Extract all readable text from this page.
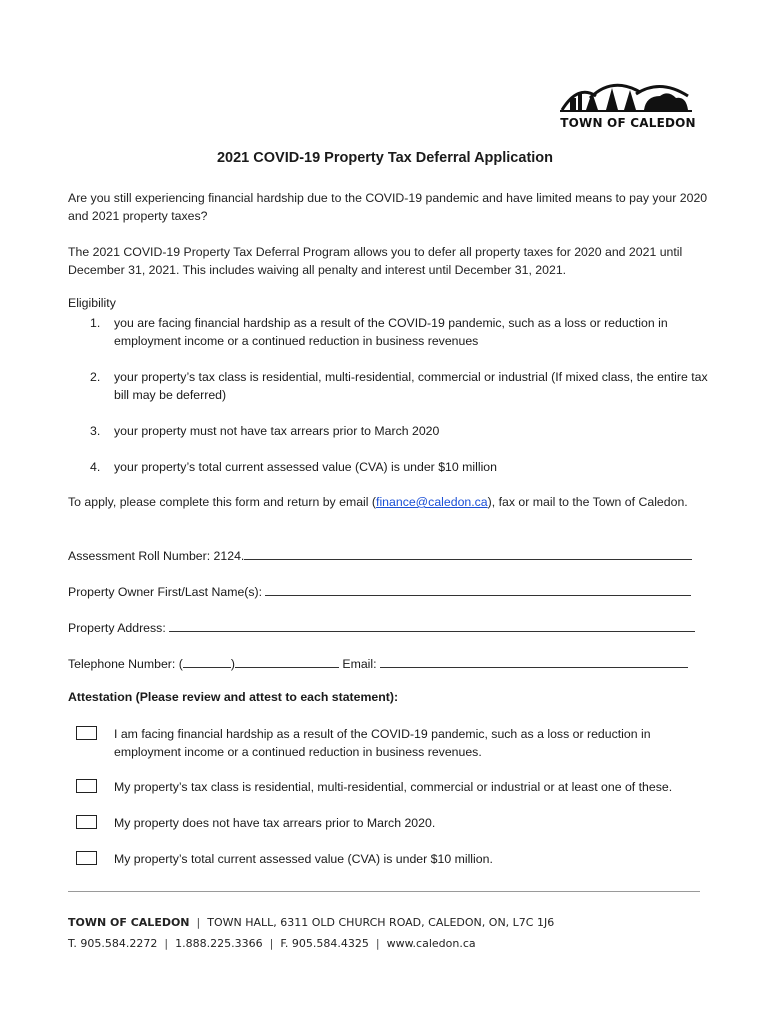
TOWN OF CALEDON
2021 COVID-19 Property Tax Deferral Application
Are you still experiencing financial hardship due to the COVID-19 pandemic and have limited means to pay your 2020 and 2021 property taxes?
The 2021 COVID-19 Property Tax Deferral Program allows you to defer all property taxes for 2020 and 2021 until December 31, 2021. This includes waiving all penalty and interest until December 31, 2021.
Eligibility
1. you are facing financial hardship as a result of the COVID-19 pandemic, such as a loss or reduction in employment income or a continued reduction in business revenues
2. your property’s tax class is residential, multi-residential, commercial or industrial (If mixed class, the entire tax bill may be deferred)
3. your property must not have tax arrears prior to March 2020
4. your property’s total current assessed value (CVA) is under $10 million
To apply, please complete this form and return by email (finance@caledon.ca), fax or mail to the Town of Caledon.
Assessment Roll Number: 2124.
Property Owner First/Last Name(s):
Property Address:
Telephone Number: (	)	Email:
Attestation (Please review and attest to each statement):
I am facing financial hardship as a result of the COVID-19 pandemic, such as a loss or reduction in employment income or a continued reduction in business revenues.
My property’s tax class is residential, multi-residential, commercial or industrial or at least one of these.
My property does not have tax arrears prior to March 2020.
My property’s total current assessed value (CVA) is under $10 million.
TOWN OF CALEDON | TOWN HALL, 6311 OLD CHURCH ROAD, CALEDON, ON, L7C 1J6
T. 905.584.2272 | 1.888.225.3366 | F. 905.584.4325 | www.caledon.ca
